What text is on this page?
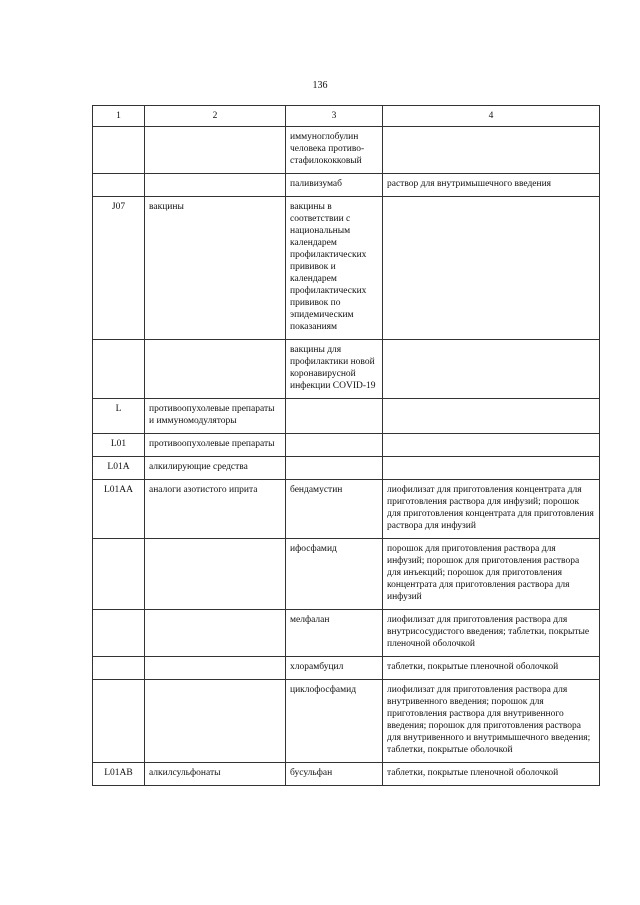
136
1	2	3	4
		иммуноглобулин человека противо-стафилококковый	
		паливизумаб	раствор для внутримышечного введения
J07	вакцины	вакцины в соответствии с национальным календарем профилактических прививок и календарем профилактических прививок по эпидемическим показаниям	
		вакцины для профилактики новой коронавирусной инфекции COVID-19	
L	противоопухолевые препараты и иммуномодуляторы		
L01	противоопухолевые препараты		
L01A	алкилирующие средства		
L01AA	аналоги азотистого иприта	бендамустин	лиофилизат для приготовления концентрата для приготовления раствора для инфузий; порошок для приготовления концентрата для приготовления раствора для инфузий
		ифосфамид	порошок для приготовления раствора для инфузий; порошок для приготовления раствора для инъекций; порошок для приготовления концентрата для приготовления раствора для инфузий
		мелфалан	лиофилизат для приготовления раствора для внутрисосудистого введения; таблетки, покрытые пленочной оболочкой
		хлорамбуцил	таблетки, покрытые пленочной оболочкой
		циклофосфамид	лиофилизат для приготовления раствора для внутривенного введения; порошок для приготовления раствора для внутривенного введения; порошок для приготовления раствора для внутривенного и внутримышечного введения; таблетки, покрытые оболочкой
L01AB	алкилсульфонаты	бусульфан	таблетки, покрытые пленочной оболочкой
